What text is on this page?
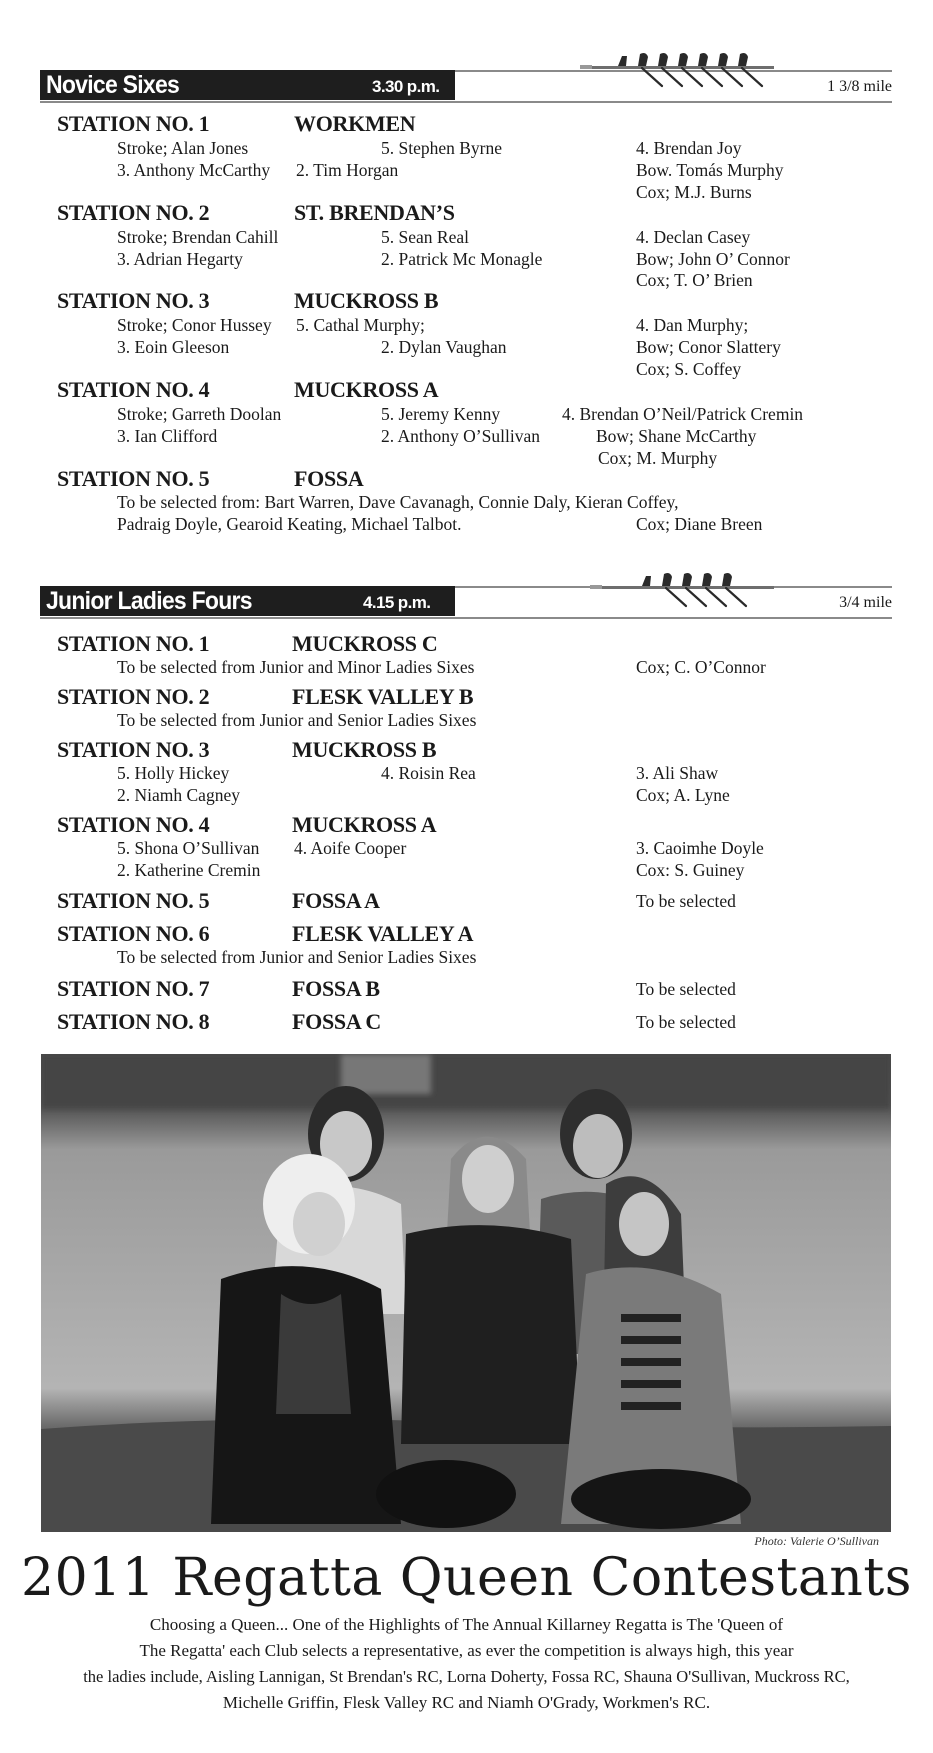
Novice Sixes	3.30 p.m.	1 3/8 mile
STATION NO. 1	WORKMEN
Stroke; Alan Jones	5. Stephen Byrne	4. Brendan Joy
3. Anthony McCarthy 2. Tim Horgan	Bow. Tomás Murphy
Cox; M.J. Burns
STATION NO. 2	ST. BRENDAN’S
Stroke; Brendan Cahill	5. Sean Real	4. Declan Casey
3. Adrian Hegarty	2. Patrick Mc Monagle	Bow; John O’ Connor
Cox; T. O’ Brien
STATION NO. 3	MUCKROSS B
Stroke; Conor Hussey 5. Cathal Murphy;	4. Dan Murphy;
3. Eoin Gleeson	2. Dylan Vaughan	Bow; Conor Slattery
Cox; S. Coffey
STATION NO. 4	MUCKROSS A
Stroke; Garreth Doolan	5. Jeremy Kenny	4. Brendan O’Neil/Patrick Cremin
3. Ian Clifford	2. Anthony O’Sullivan	Bow; Shane McCarthy
Cox; M. Murphy
STATION NO. 5	FOSSA
To be selected from: Bart Warren, Dave Cavanagh, Connie Daly, Kieran Coffey,
Padraig Doyle, Gearoid Keating, Michael Talbot.	Cox; Diane Breen
Junior Ladies Fours	4.15 p.m.	3/4 mile
STATION NO. 1	MUCKROSS C
To be selected from Junior and Minor Ladies Sixes	Cox; C. O’Connor
STATION NO. 2	FLESK VALLEY B
To be selected from Junior and Senior Ladies Sixes
STATION NO. 3	MUCKROSS B
5. Holly Hickey	4. Roisin Rea	3. Ali Shaw
2. Niamh Cagney	Cox; A. Lyne
STATION NO. 4	MUCKROSS A
5. Shona O’Sullivan 4. Aoife Cooper	3. Caoimhe Doyle
2. Katherine Cremin	Cox: S. Guiney
STATION NO. 5	FOSSA A	To be selected
STATION NO. 6	FLESK VALLEY A
To be selected from Junior and Senior Ladies Sixes
STATION NO. 7	FOSSA B	To be selected
STATION NO. 8	FOSSA C	To be selected
Photo: Valerie O’Sullivan
2011 Regatta Queen Contestants
Choosing a Queen... One of the Highlights of The Annual Killarney Regatta is The 'Queen of
The Regatta' each Club selects a representative, as ever the competition is always high, this year
the ladies include, Aisling Lannigan, St Brendan's RC, Lorna Doherty, Fossa RC, Shauna O'Sullivan, Muckross RC,
Michelle Griffin, Flesk Valley RC and Niamh O'Grady, Workmen's RC.
